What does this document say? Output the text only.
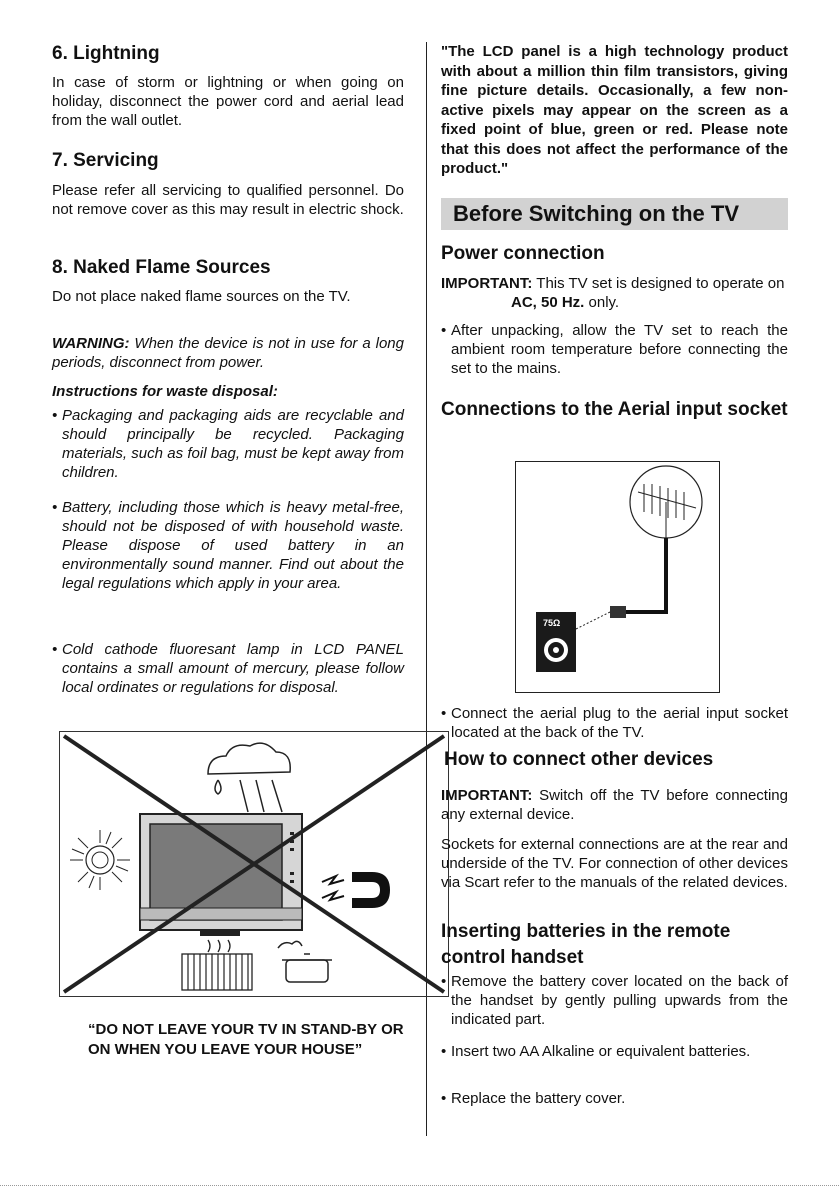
6. Lightning

In case of storm or lightning or when going on holiday, disconnect the power cord and aerial lead from the wall outlet.

7. Servicing

Please refer all servicing to qualified personnel. Do not remove cover as this may result in electric shock.

8. Naked Flame Sources

Do not place naked flame sources on the TV.

WARNING: When the device is not in use for a long periods, disconnect from power.

Instructions for waste disposal:

• Packaging and packaging aids are recyclable and should principally be recycled. Packaging materials, such as foil bag, must be kept away from children.
• Battery, including those which is heavy metal-free, should not be disposed of with household waste. Please dispose of used battery in an environmentally sound manner. Find out about the legal regulations which apply in your area.
• Cold cathode fluoresant lamp in LCD PANEL contains a small amount of mercury, please follow local ordinates or regulations for disposal.
“DO NOT LEAVE YOUR TV IN STAND-BY OR ON WHEN YOU LEAVE YOUR HOUSE”

"The LCD panel is a high technology product with about a million thin film transistors, giving fine picture details. Occasionally, a few non-active pixels may appear on the screen as a fixed point of blue, green or red. Please note that this does not affect the performance of the product."

Before Switching on the TV
Power connection

IMPORTANT: This TV set is designed to operate on
AC, 50 Hz. only.

• After unpacking, allow the TV set to reach the ambient room temperature before connecting the set to the mains.
Connections to the Aerial input socket
75Ω
• Connect the aerial plug to the aerial input socket located at the back of the TV.
How to connect other devices

IMPORTANT: Switch off the TV before connecting any external device.

Sockets for external connections are at the rear and underside of the TV. For connection of other devices via Scart refer to the manuals of the related devices.

Inserting batteries in the remote control handset
• Remove the battery cover located on the back of the handset by gently pulling upwards from the indicated part.
• Insert two AA Alkaline or equivalent batteries.
• Replace the battery cover.
